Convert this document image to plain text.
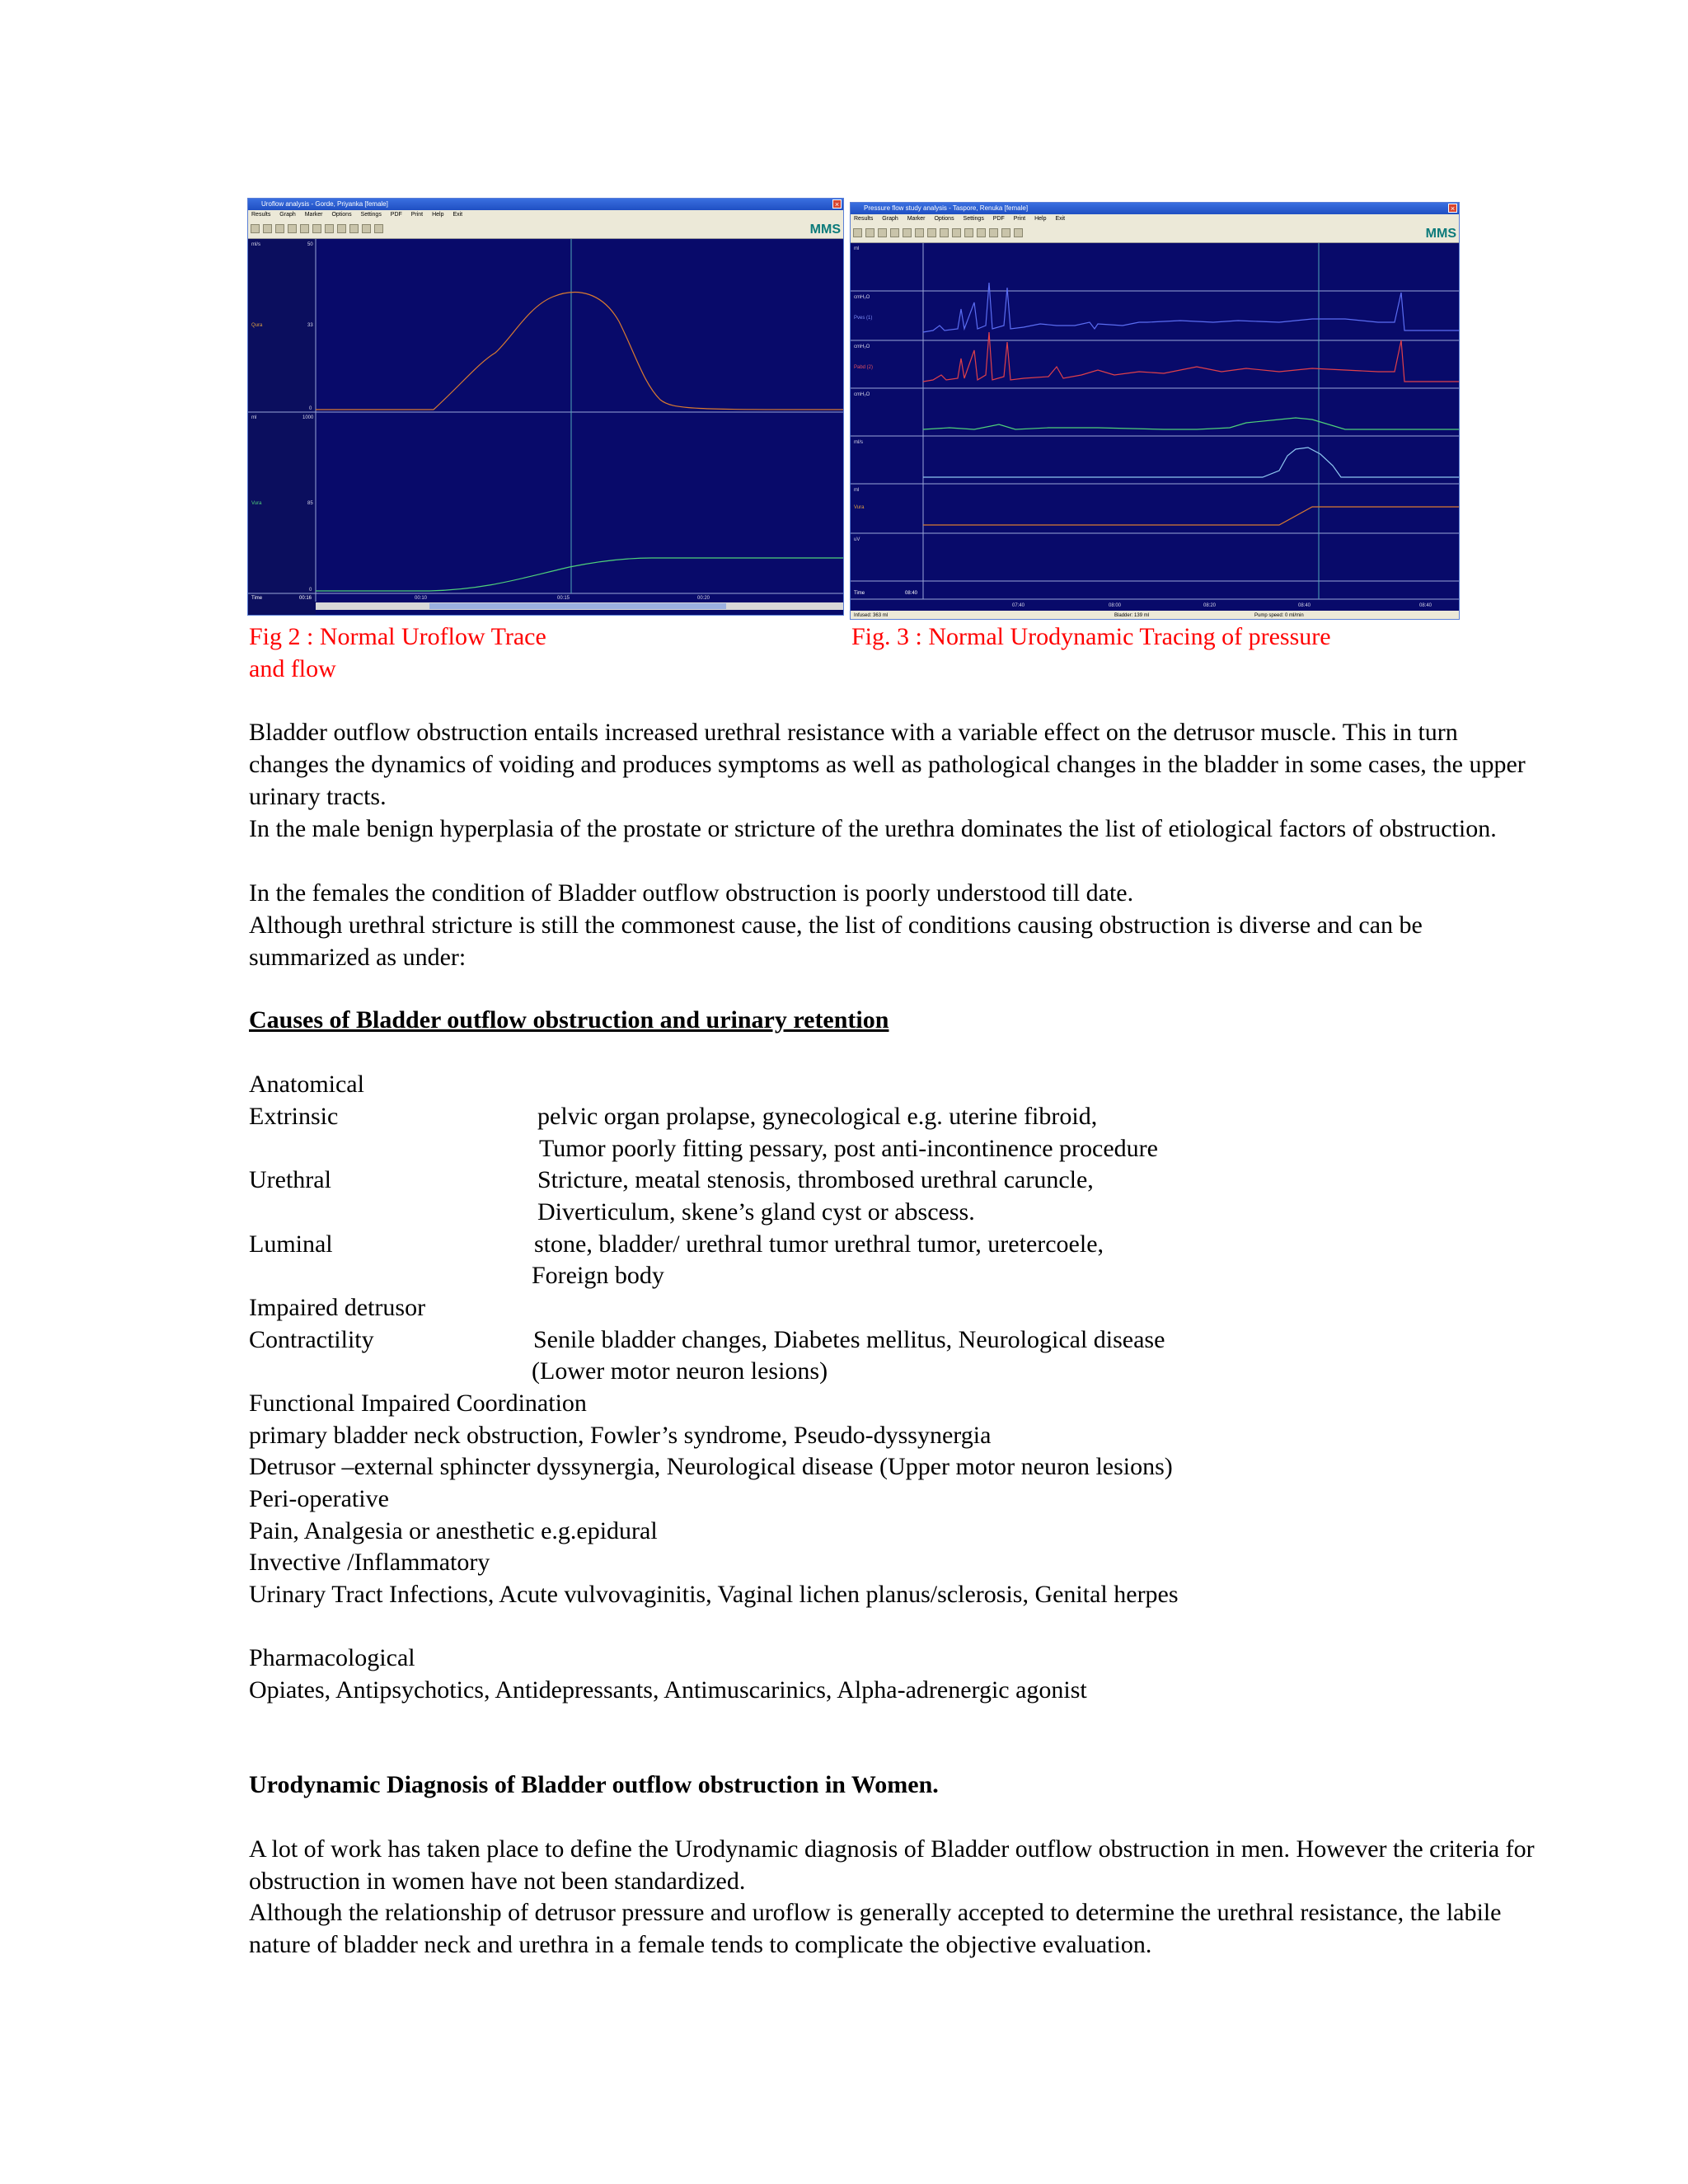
Uroflow analysis - Gorde, Priyanka [female]	×
Results Graph Marker Options Settings PDF Print Help Exit
MMS
ml/s
Qura
ml
Vura
Time
50
33
0
1000
85
0
00:16	00:10	00:15	00:20
Pressure flow study analysis - Taspore, Renuka [female]	×
Results Graph Marker Options Settings PDF Print Help Exit
MMS
ml
cmH₂O
Pves (1)
cmH₂O
Pabd (2)
cmH₂O
ml/s
ml
Vura
uV
Time	08:40
07:40	08:00	08:20	08:40	08:40
Infused: 363 ml	Bladder: 139 ml	Pump speed: 0 ml/min

Fig 2 : Normal Uroflow Trace

and flow

Fig. 3 : Normal Urodynamic Tracing of pressure

Bladder outflow obstruction entails increased urethral resistance with a variable effect on the detrusor muscle. This in turn changes the dynamics of voiding and produces symptoms as well as pathological changes in the bladder in some cases, the upper urinary tracts.

In the male benign hyperplasia of the prostate or stricture of the urethra dominates the list of etiological factors of obstruction.

In the females the condition of Bladder outflow obstruction is poorly understood till date.

Although urethral stricture is still the commonest cause, the list of conditions causing obstruction is diverse and can be summarized as under:

Causes of Bladder outflow obstruction and urinary retention

Anatomical

Extrinsic	pelvic organ prolapse, gynecological e.g. uterine fibroid,

Tumor poorly fitting pessary, post anti-incontinence procedure

Urethral	Stricture, meatal stenosis, thrombosed urethral caruncle,

Diverticulum, skene’s gland cyst or abscess.

Luminal	stone, bladder/ urethral tumor urethral tumor, uretercoele,

Foreign body

Impaired detrusor

Contractility	Senile bladder changes, Diabetes mellitus, Neurological disease

(Lower motor neuron lesions)

Functional Impaired Coordination

primary bladder neck obstruction, Fowler’s syndrome, Pseudo-dyssynergia

Detrusor –external sphincter dyssynergia, Neurological disease (Upper motor neuron lesions)

Peri-operative

Pain, Analgesia or anesthetic e.g.epidural

Invective /Inflammatory

Urinary Tract Infections, Acute vulvovaginitis, Vaginal lichen planus/sclerosis, Genital herpes

Pharmacological

Opiates, Antipsychotics, Antidepressants, Antimuscarinics, Alpha-adrenergic agonist

Urodynamic Diagnosis of Bladder outflow obstruction in Women.

A lot of work has taken place to define the Urodynamic diagnosis of Bladder outflow obstruction in men. However the criteria for obstruction in women have not been standardized.

Although the relationship of detrusor pressure and uroflow is generally accepted to determine the urethral resistance, the labile nature of bladder neck and urethra in a female tends to complicate the objective evaluation.
